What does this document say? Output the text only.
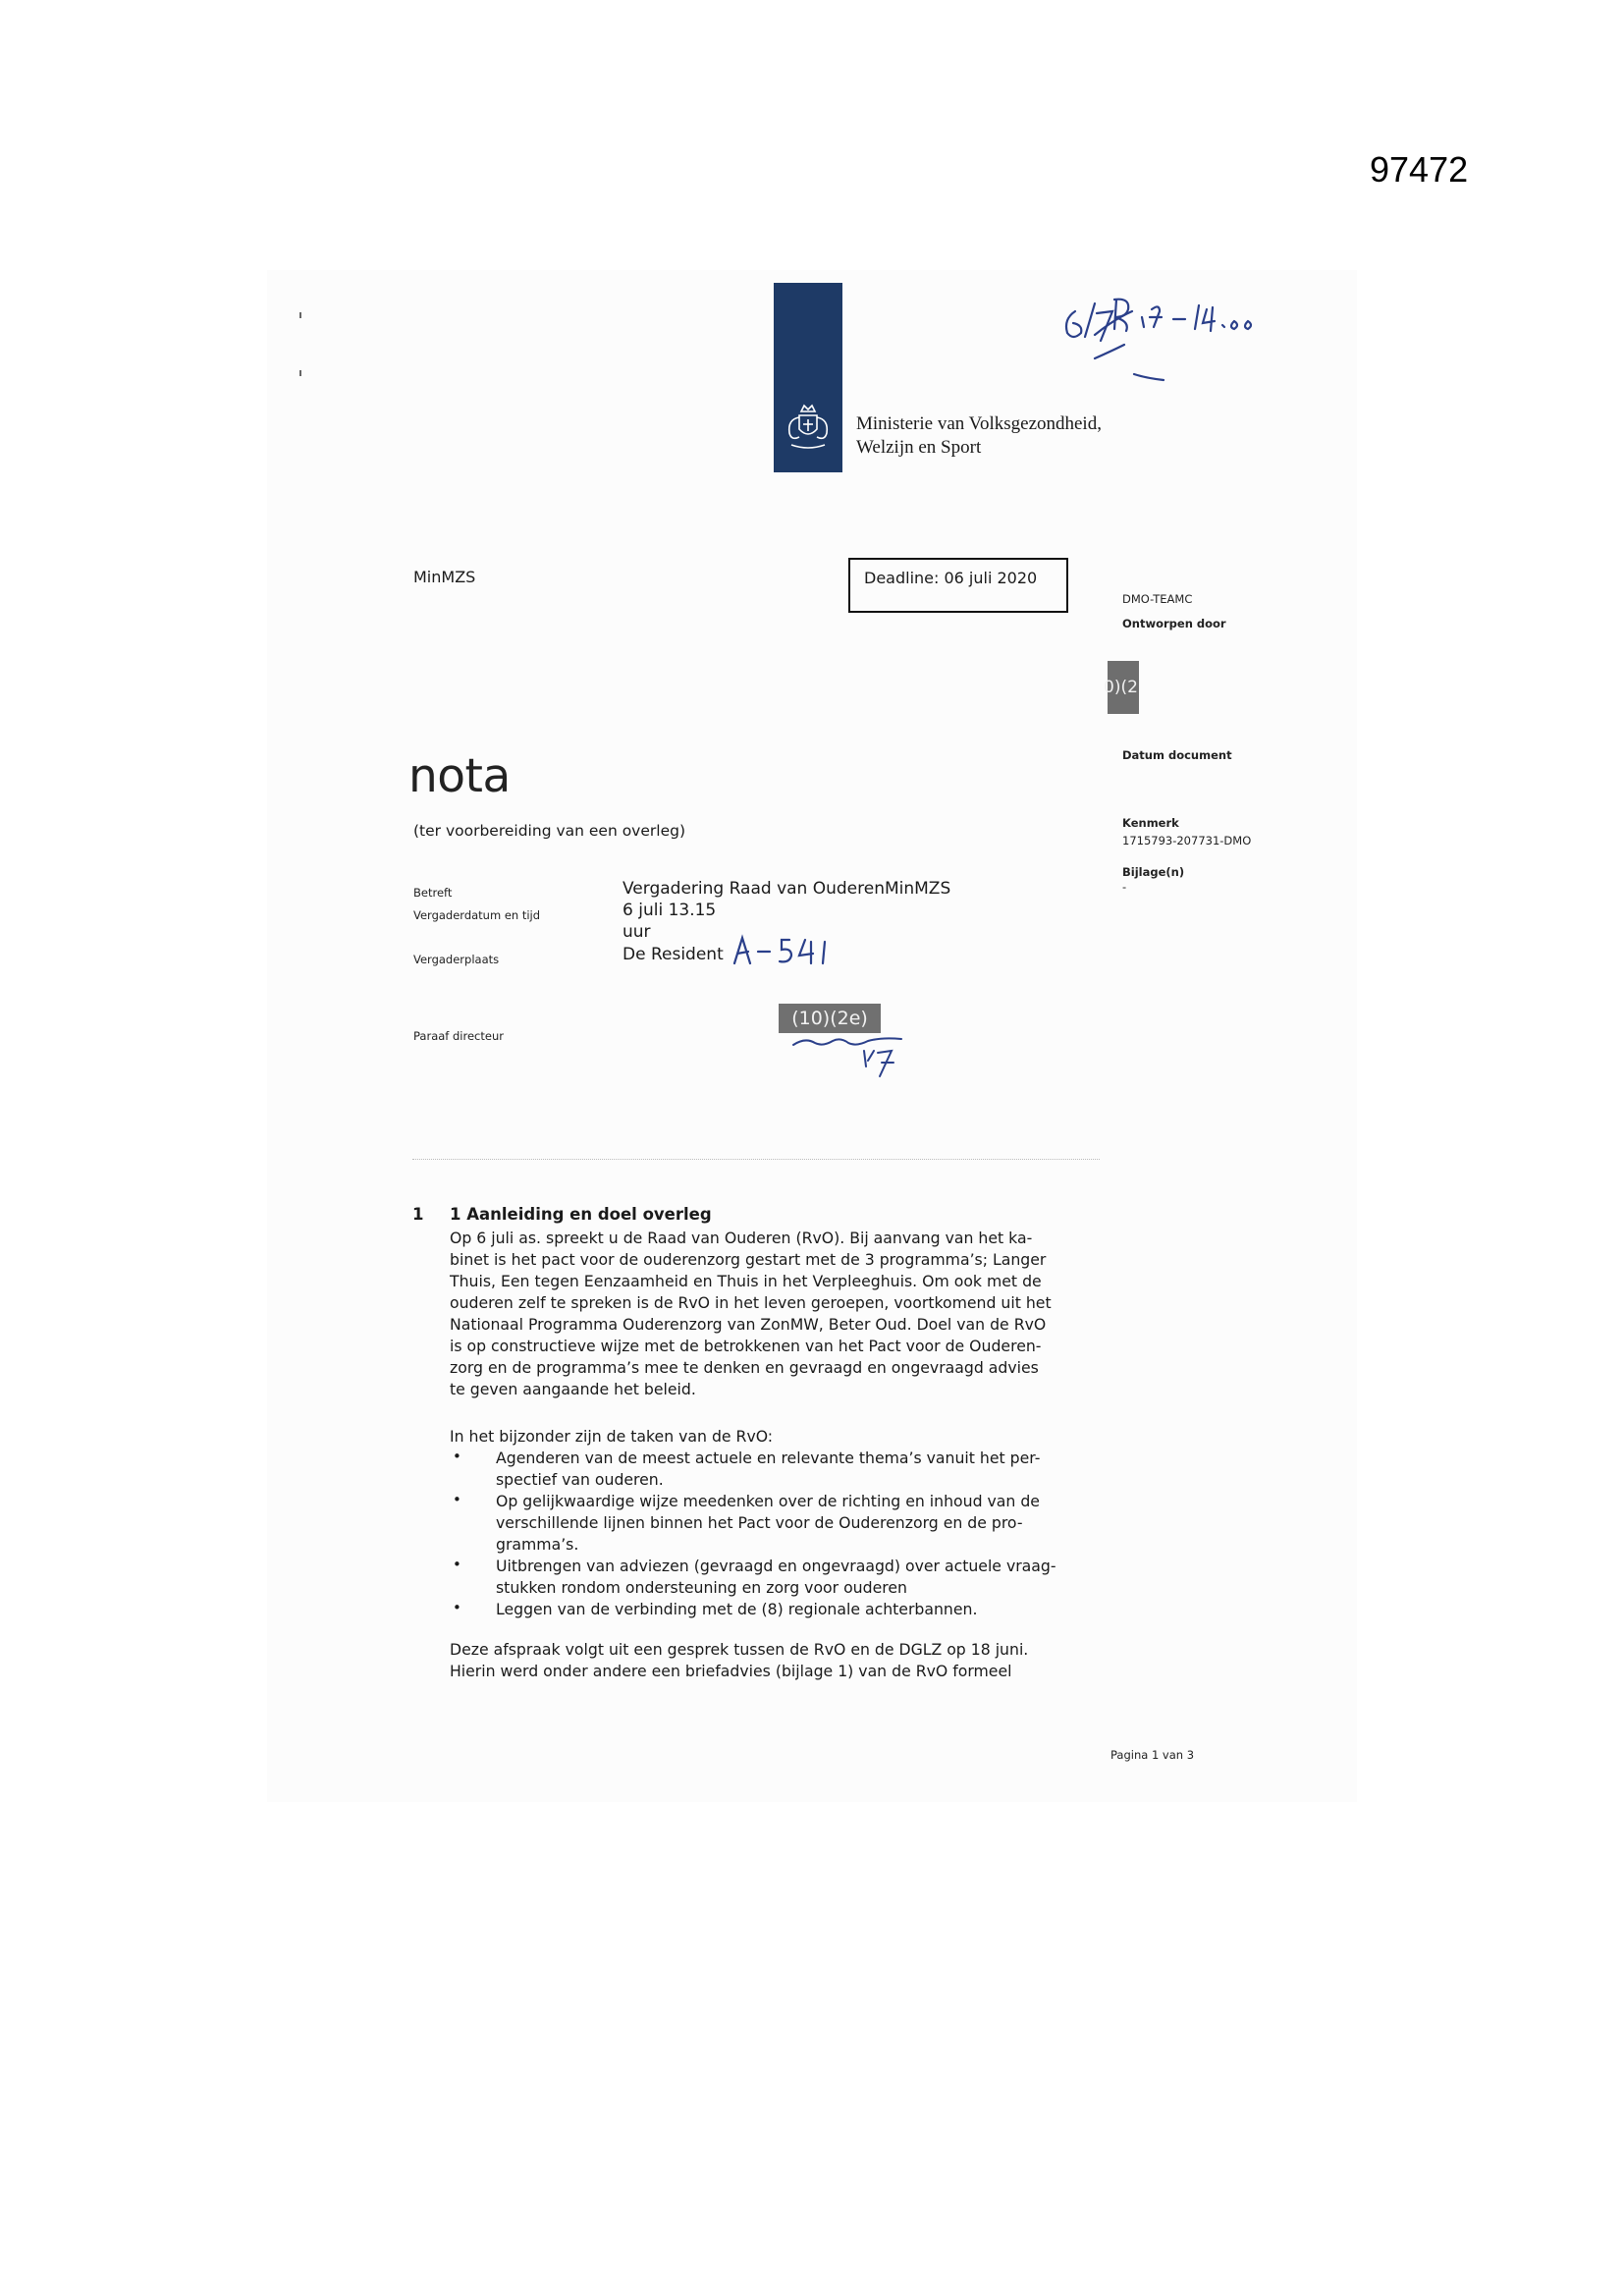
97472
Ministerie van Volksgezondheid,
Welzijn en Sport
MinMZS	Deadline: 06 juli 2020
DMO-TEAMC
Ontworpen door
0)(2
Datum document
Kenmerk
1715793-207731-DMO
Bijlage(n)
-
nota
(ter voorbereiding van een overleg)
Betreft	Vergadering Raad van OuderenMinMZS
Vergaderdatum en tijd	6 juli 13.15
uur
Vergaderplaats	De Resident
Paraaf directeur
(10)(2e)
1 1 Aanleiding en doel overleg
Op 6 juli as. spreekt u de Raad van Ouderen (RvO). Bij aanvang van het ka-
binet is het pact voor de ouderenzorg gestart met de 3 programma’s; Langer
Thuis, Een tegen Eenzaamheid en Thuis in het Verpleeghuis. Om ook met de
ouderen zelf te spreken is de RvO in het leven geroepen, voortkomend uit het
Nationaal Programma Ouderenzorg van ZonMW, Beter Oud. Doel van de RvO
is op constructieve wijze met de betrokkenen van het Pact voor de Ouderen-
zorg en de programma’s mee te denken en gevraagd en ongevraagd advies
te geven aangaande het beleid.
In het bijzonder zijn de taken van de RvO:
• Agenderen van de meest actuele en relevante thema’s vanuit het per-
spectief van ouderen.
• Op gelijkwaardige wijze meedenken over de richting en inhoud van de
verschillende lijnen binnen het Pact voor de Ouderenzorg en de pro-
gramma’s.
• Uitbrengen van adviezen (gevraagd en ongevraagd) over actuele vraag-
stukken rondom ondersteuning en zorg voor ouderen
• Leggen van de verbinding met de (8) regionale achterbannen.
Deze afspraak volgt uit een gesprek tussen de RvO en de DGLZ op 18 juni.
Hierin werd onder andere een briefadvies (bijlage 1) van de RvO formeel
Pagina 1 van 3
